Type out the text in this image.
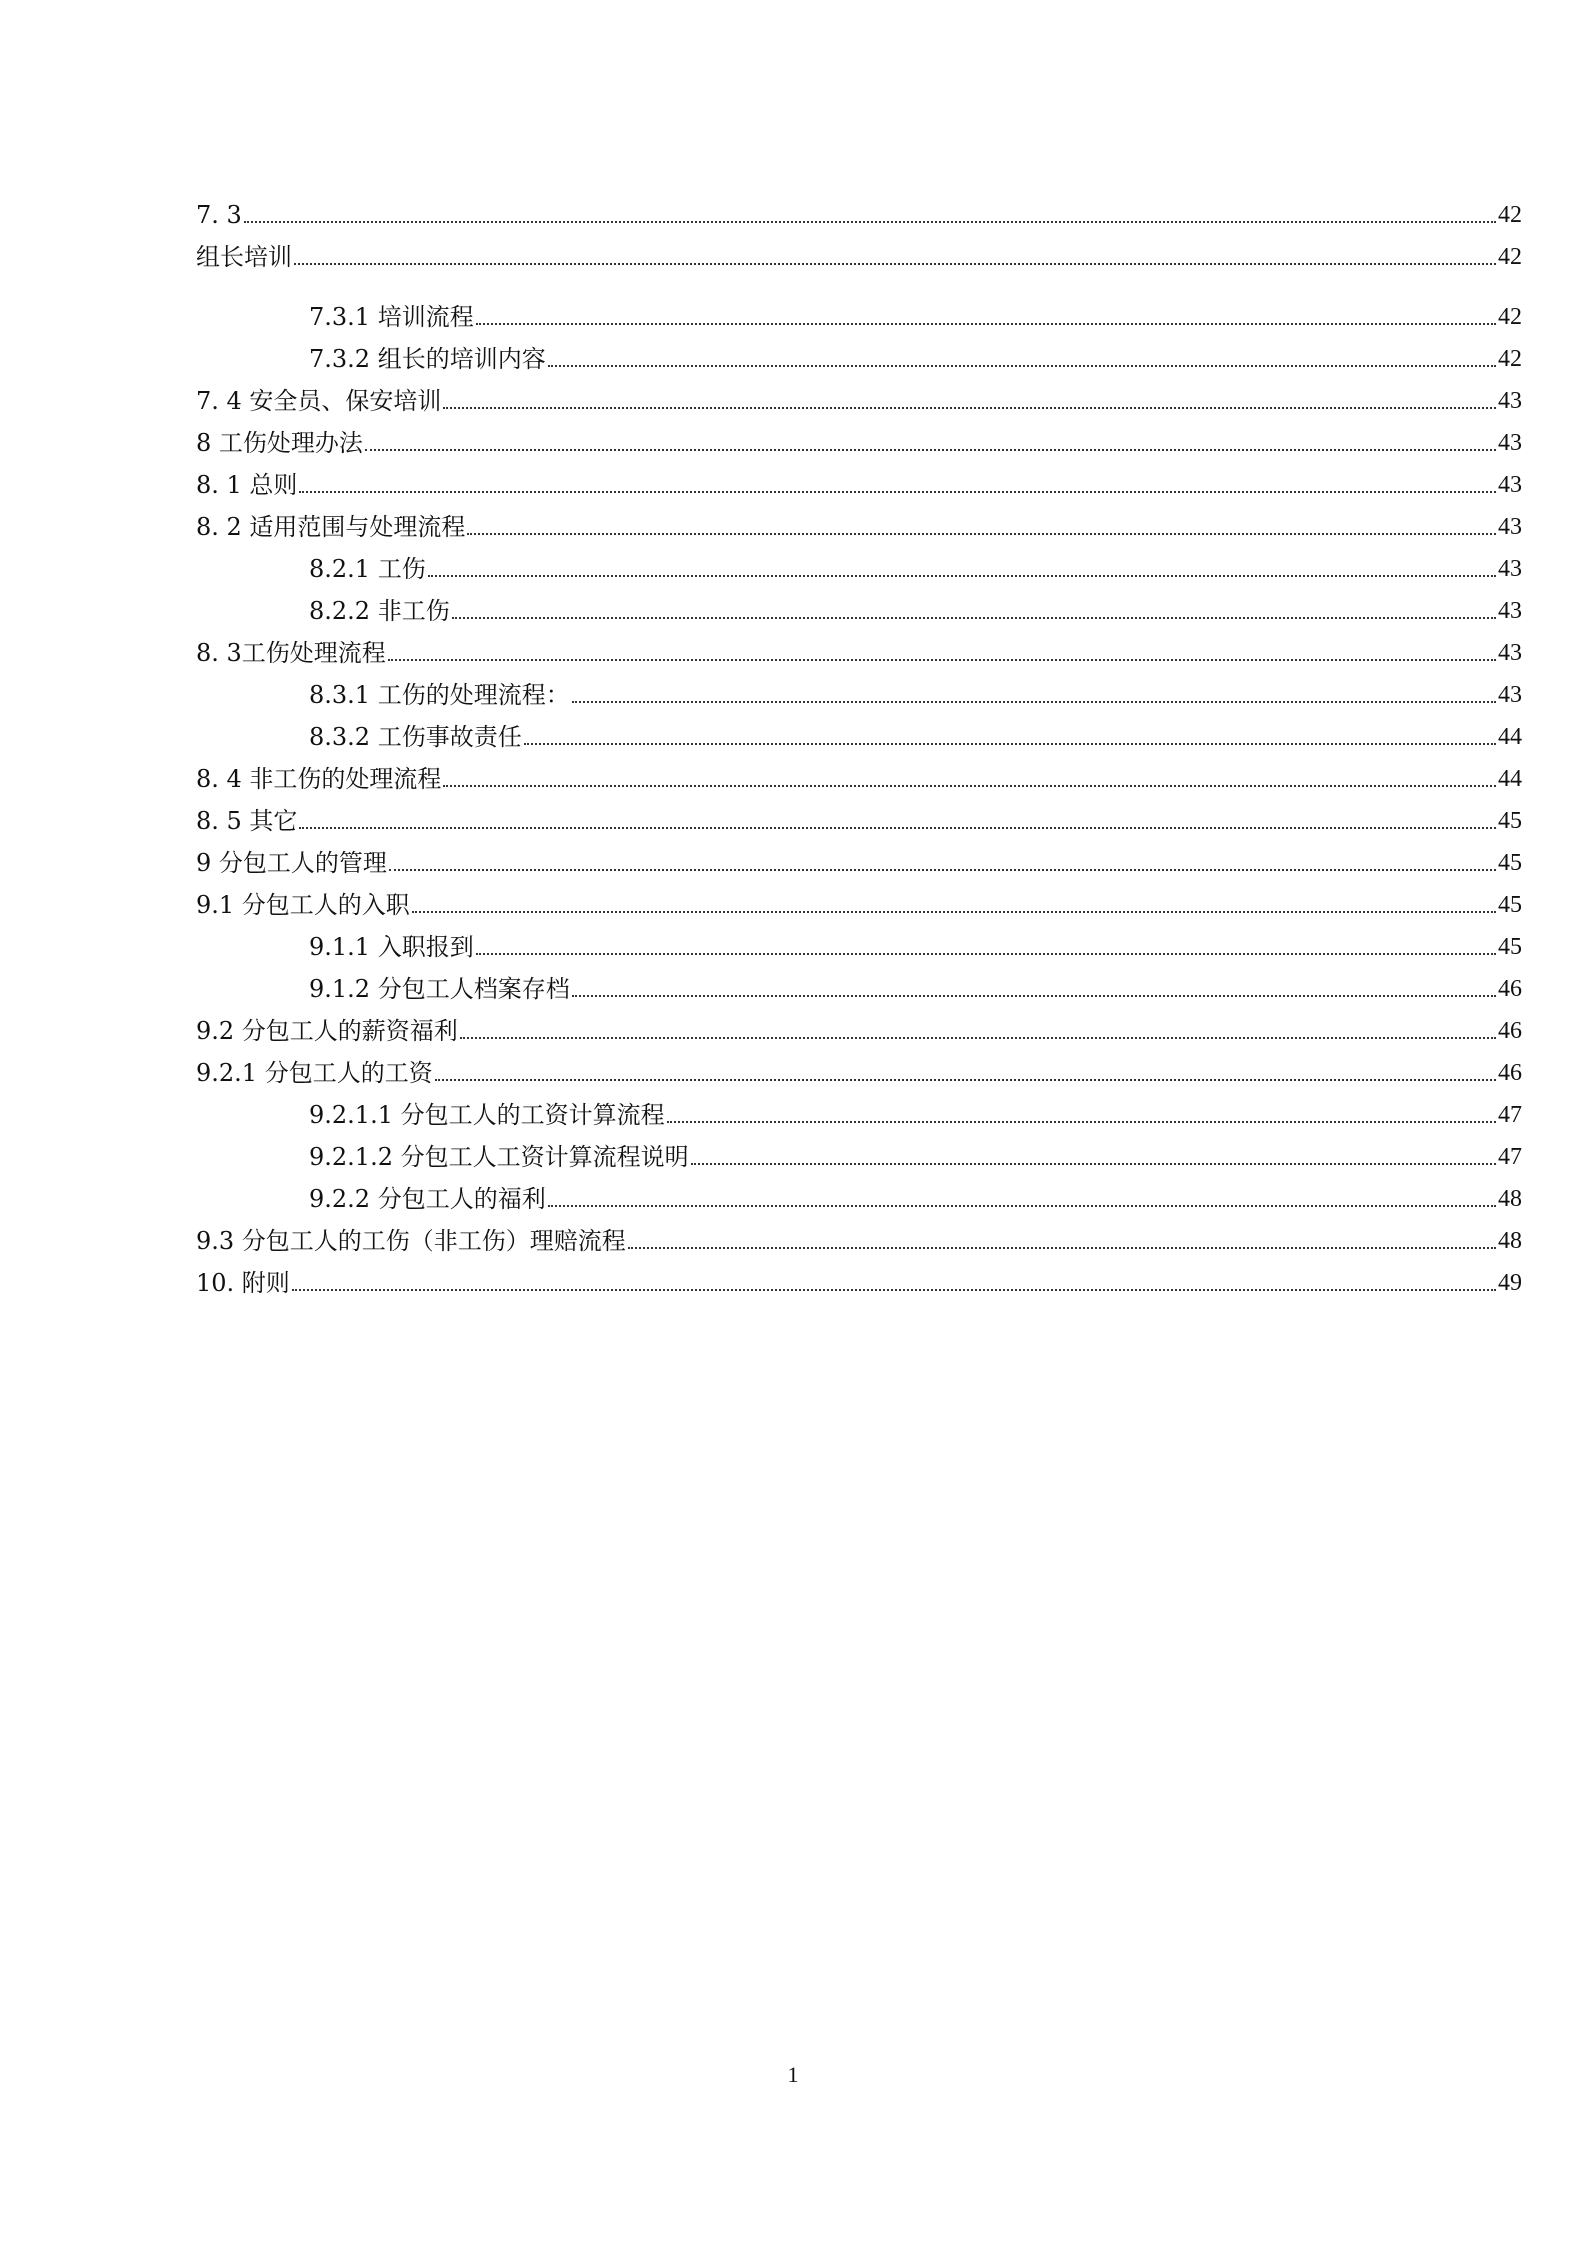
7. 3	42
组长培训	42
7.3.1 培训流程	42
7.3.2 组长的培训内容	42
7. 4 安全员、保安培训	43
8 工伤处理办法	43
8. 1 总则	43
8. 2 适用范围与处理流程	43
8.2.1 工伤	43
8.2.2 非工伤	43
8. 3工伤处理流程	43
8.3.1 工伤的处理流程：	43
8.3.2 工伤事故责任	44
8. 4 非工伤的处理流程	44
8. 5 其它	45
9 分包工人的管理	45
9.1 分包工人的入职	45
9.1.1 入职报到	45
9.1.2 分包工人档案存档	46
9.2 分包工人的薪资福利	46
9.2.1 分包工人的工资	46
9.2.1.1 分包工人的工资计算流程	47
9.2.1.2 分包工人工资计算流程说明	47
9.2.2 分包工人的福利	48
9.3 分包工人的工伤（非工伤）理赔流程	48
10. 附则	49
1
